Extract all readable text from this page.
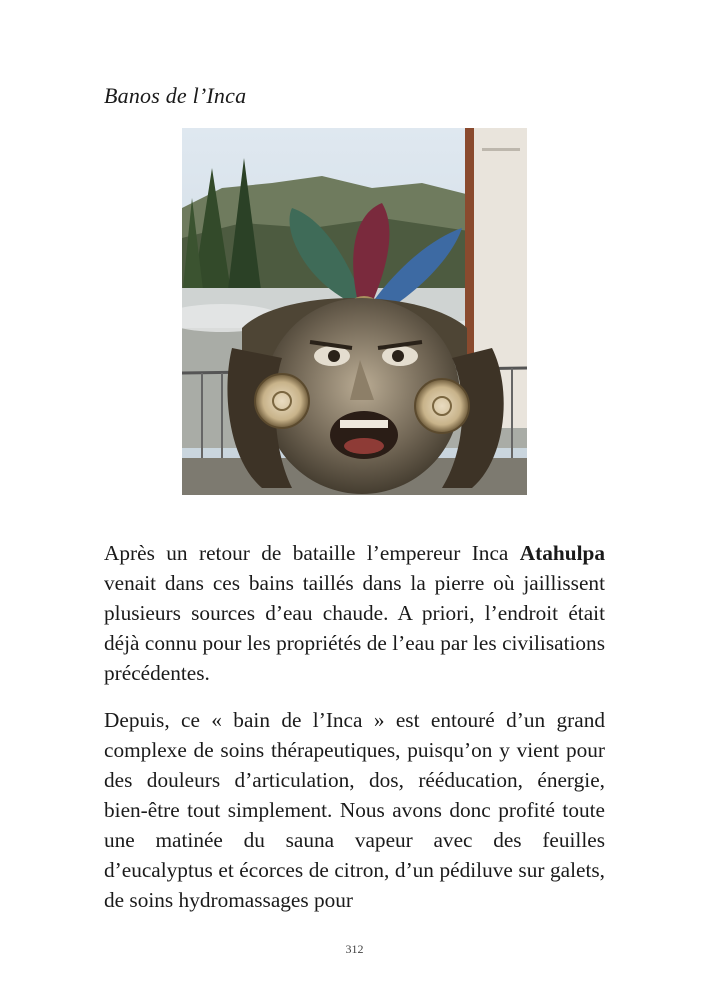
Banos de l’Inca

Après un retour de bataille l’empereur Inca Atahulpa venait dans ces bains taillés dans la pierre où jaillissent plusieurs sources d’eau chaude. A priori, l’endroit était déjà connu pour les propriétés de l’eau par les civilisations précédentes.

Depuis, ce « bain de l’Inca » est entouré d’un grand complexe de soins thérapeutiques, puisqu’on y vient pour des douleurs d’articulation, dos, rééducation, énergie, bien-être tout simplement. Nous avons donc profité toute une matinée du sauna vapeur avec des feuilles d’eucalyptus et écorces de citron, d’un pédiluve sur galets, de soins hydromassages pour

312
